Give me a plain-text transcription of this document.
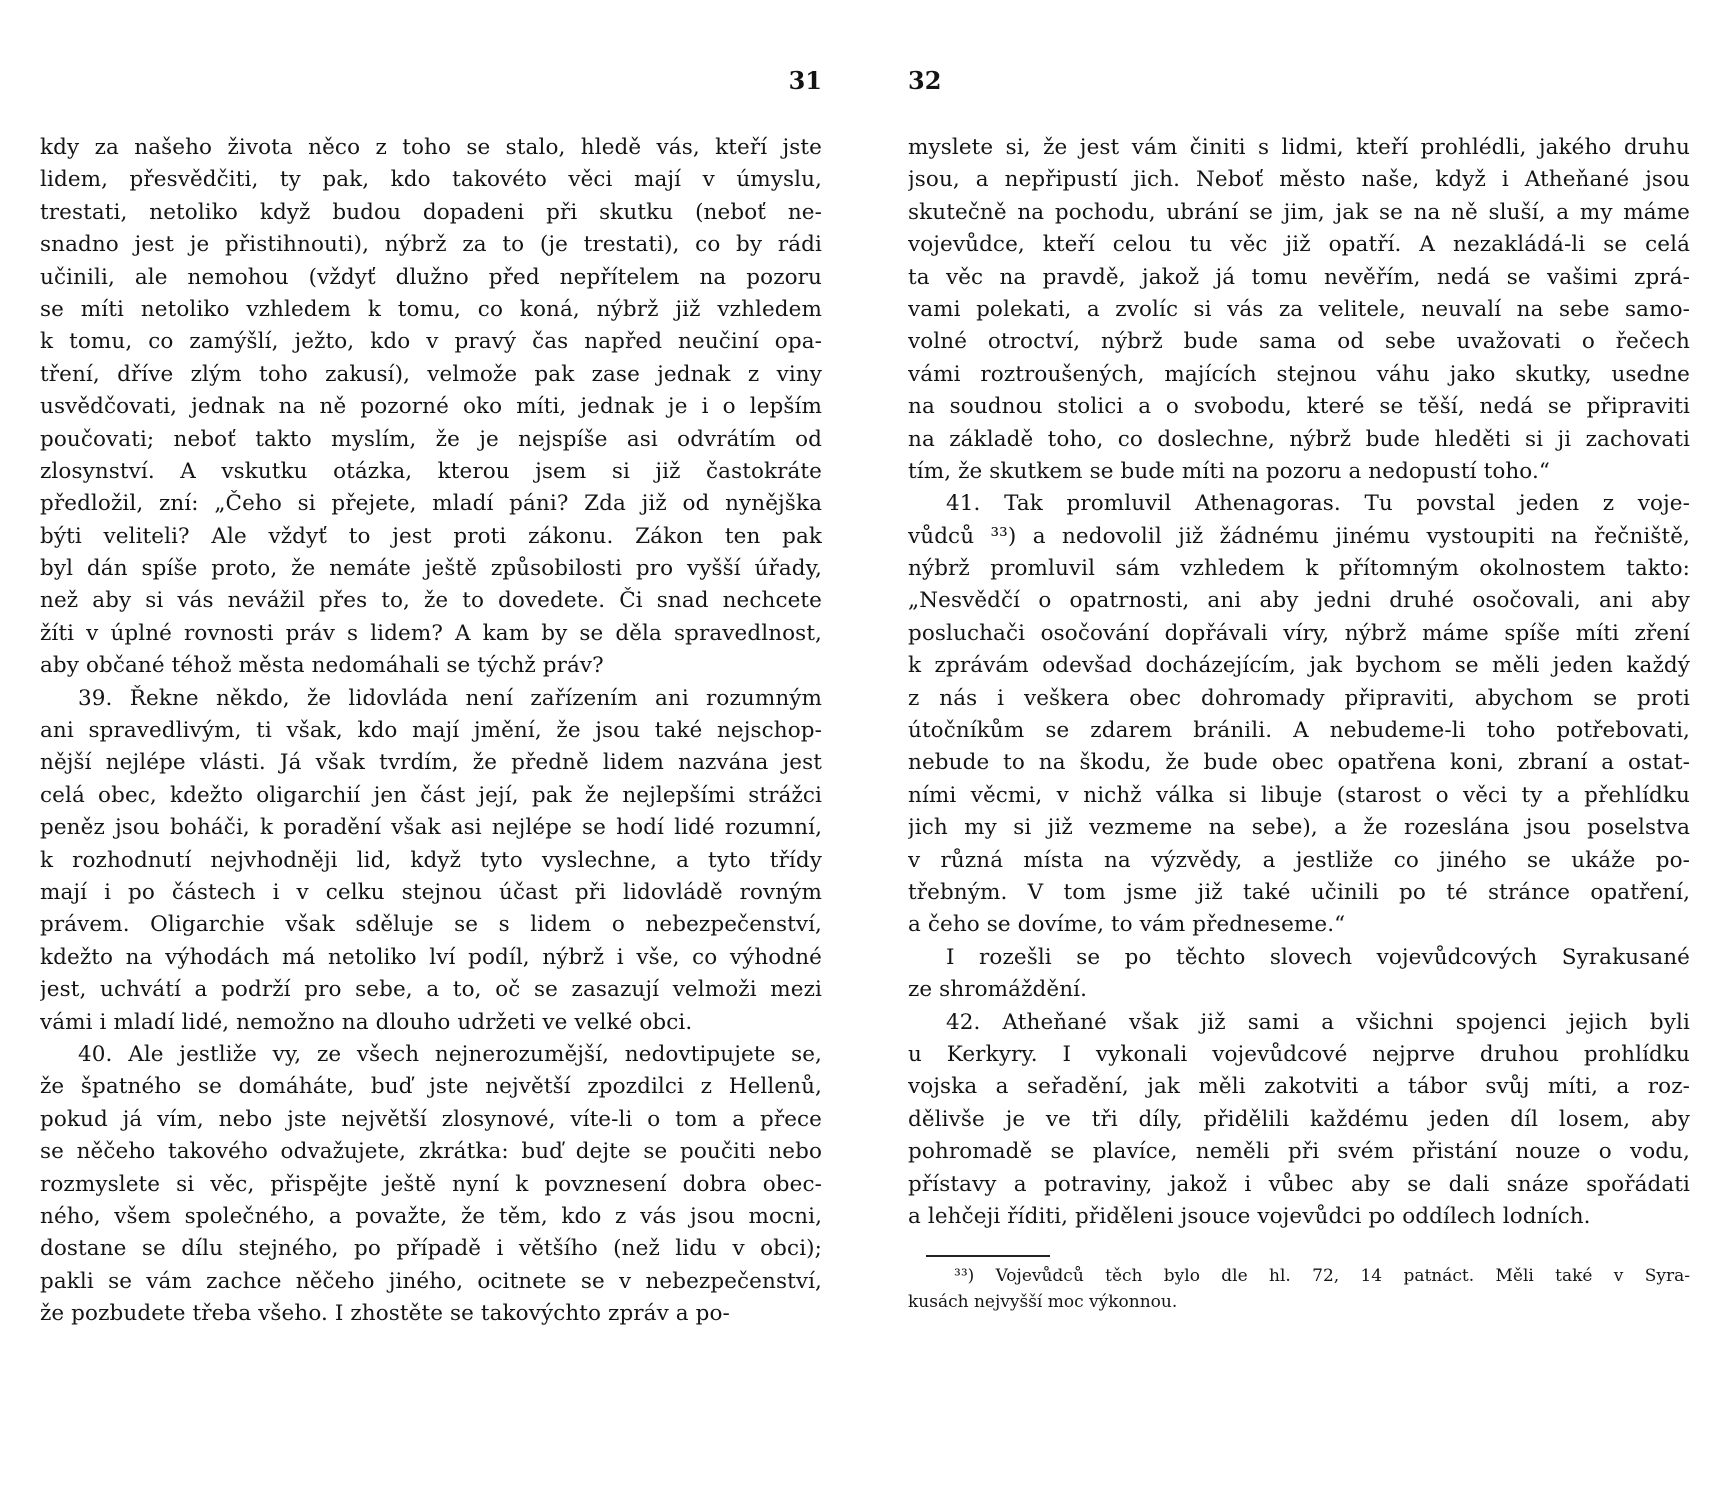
31
kdy za našeho života něco z toho se stalo, hledě vás, kteří jste
lidem, přesvědčiti, ty pak, kdo takovéto věci mají v úmyslu,
trestati, netoliko když budou dopadeni při skutku (neboť ne-
snadno jest je přistihnouti), nýbrž za to (je trestati), co by rádi
učinili, ale nemohou (vždyť dlužno před nepřítelem na pozoru
se míti netoliko vzhledem k tomu, co koná, nýbrž již vzhledem
k tomu, co zamýšlí, ježto, kdo v pravý čas napřed neučiní opa-
tření, dříve zlým toho zakusí), velmože pak zase jednak z viny
usvědčovati, jednak na ně pozorné oko míti, jednak je i o lepším
poučovati; neboť takto myslím, že je nejspíše asi odvrátím od
zlosynství. A vskutku otázka, kterou jsem si již častokráte
předložil, zní: „Čeho si přejete, mladí páni? Zda již od nynějška
býti veliteli? Ale vždyť to jest proti zákonu. Zákon ten pak
byl dán spíše proto, že nemáte ještě způsobilosti pro vyšší úřady,
než aby si vás nevážil přes to, že to dovedete. Či snad nechcete
žíti v úplné rovnosti práv s lidem? A kam by se děla spravedlnost,
aby občané téhož města nedomáhali se týchž práv?
39. Řekne někdo, že lidovláda není zařízením ani rozumným
ani spravedlivým, ti však, kdo mají jmění, že jsou také nejschop-
nější nejlépe vlásti. Já však tvrdím, že předně lidem nazvána jest
celá obec, kdežto oligarchií jen část její, pak že nejlepšími strážci
peněz jsou boháči, k poradění však asi nejlépe se hodí lidé rozumní,
k rozhodnutí nejvhodněji lid, když tyto vyslechne, a tyto třídy
mají i po částech i v celku stejnou účast při lidovládě rovným
právem. Oligarchie však sděluje se s lidem o nebezpečenství,
kdežto na výhodách má netoliko lví podíl, nýbrž i vše, co výhodné
jest, uchvátí a podrží pro sebe, a to, oč se zasazují velmoži mezi
vámi i mladí lidé, nemožno na dlouho udržeti ve velké obci.
40. Ale jestliže vy, ze všech nejnerozumější, nedovtipujete se,
že špatného se domáháte, buď jste největší zpozdilci z Hellenů,
pokud já vím, nebo jste největší zlosynové, víte-li o tom a přece
se něčeho takového odvažujete, zkrátka: buď dejte se poučiti nebo
rozmyslete si věc, přispějte ještě nyní k povznesení dobra obec-
ného, všem společného, a považte, že těm, kdo z vás jsou mocni,
dostane se dílu stejného, po případě i většího (než lidu v obci);
pakli se vám zachce něčeho jiného, ocitnete se v nebezpečenství,
že pozbudete třeba všeho. I zhostěte se takovýchto zpráv a po-
32
myslete si, že jest vám činiti s lidmi, kteří prohlédli, jakého druhu
jsou, a nepřipustí jich. Neboť město naše, když i Atheňané jsou
skutečně na pochodu, ubrání se jim, jak se na ně sluší, a my máme
vojevůdce, kteří celou tu věc již opatří. A nezakládá-li se celá
ta věc na pravdě, jakož já tomu nevěřím, nedá se vašimi zprá-
vami polekati, a zvolíc si vás za velitele, neuvalí na sebe samo-
volné otroctví, nýbrž bude sama od sebe uvažovati o řečech
vámi roztroušených, majících stejnou váhu jako skutky, usedne
na soudnou stolici a o svobodu, které se těší, nedá se připraviti
na základě toho, co doslechne, nýbrž bude hleděti si ji zachovati
tím, že skutkem se bude míti na pozoru a nedopustí toho.“
41. Tak promluvil Athenagoras. Tu povstal jeden z voje-
vůdců ³³) a nedovolil již žádnému jinému vystoupiti na řečniště,
nýbrž promluvil sám vzhledem k přítomným okolnostem takto:
„Nesvědčí o opatrnosti, ani aby jedni druhé osočovali, ani aby
posluchači osočování dopřávali víry, nýbrž máme spíše míti zření
k zprávám odevšad docházejícím, jak bychom se měli jeden každý
z nás i veškera obec dohromady připraviti, abychom se proti
útočníkům se zdarem bránili. A nebudeme-li toho potřebovati,
nebude to na škodu, že bude obec opatřena koni, zbraní a ostat-
ními věcmi, v nichž válka si libuje (starost o věci ty a přehlídku
jich my si již vezmeme na sebe), a že rozeslána jsou poselstva
v různá místa na výzvědy, a jestliže co jiného se ukáže po-
třebným. V tom jsme již také učinili po té stránce opatření,
a čeho se dovíme, to vám předneseme.“
I rozešli se po těchto slovech vojevůdcových Syrakusané
ze shromáždění.
42. Atheňané však již sami a všichni spojenci jejich byli
u Kerkyry. I vykonali vojevůdcové nejprve druhou prohlídku
vojska a seřadění, jak měli zakotviti a tábor svůj míti, a roz-
dělivše je ve tři díly, přidělili každému jeden díl losem, aby
pohromadě se plavíce, neměli při svém přistání nouze o vodu,
přístavy a potraviny, jakož i vůbec aby se dali snáze spořádati
a lehčeji říditi, přiděleni jsouce vojevůdci po oddílech lodních.
³³) Vojevůdců těch bylo dle hl. 72, 14 patnáct. Měli také v Syra-
kusách nejvyšší moc výkonnou.
